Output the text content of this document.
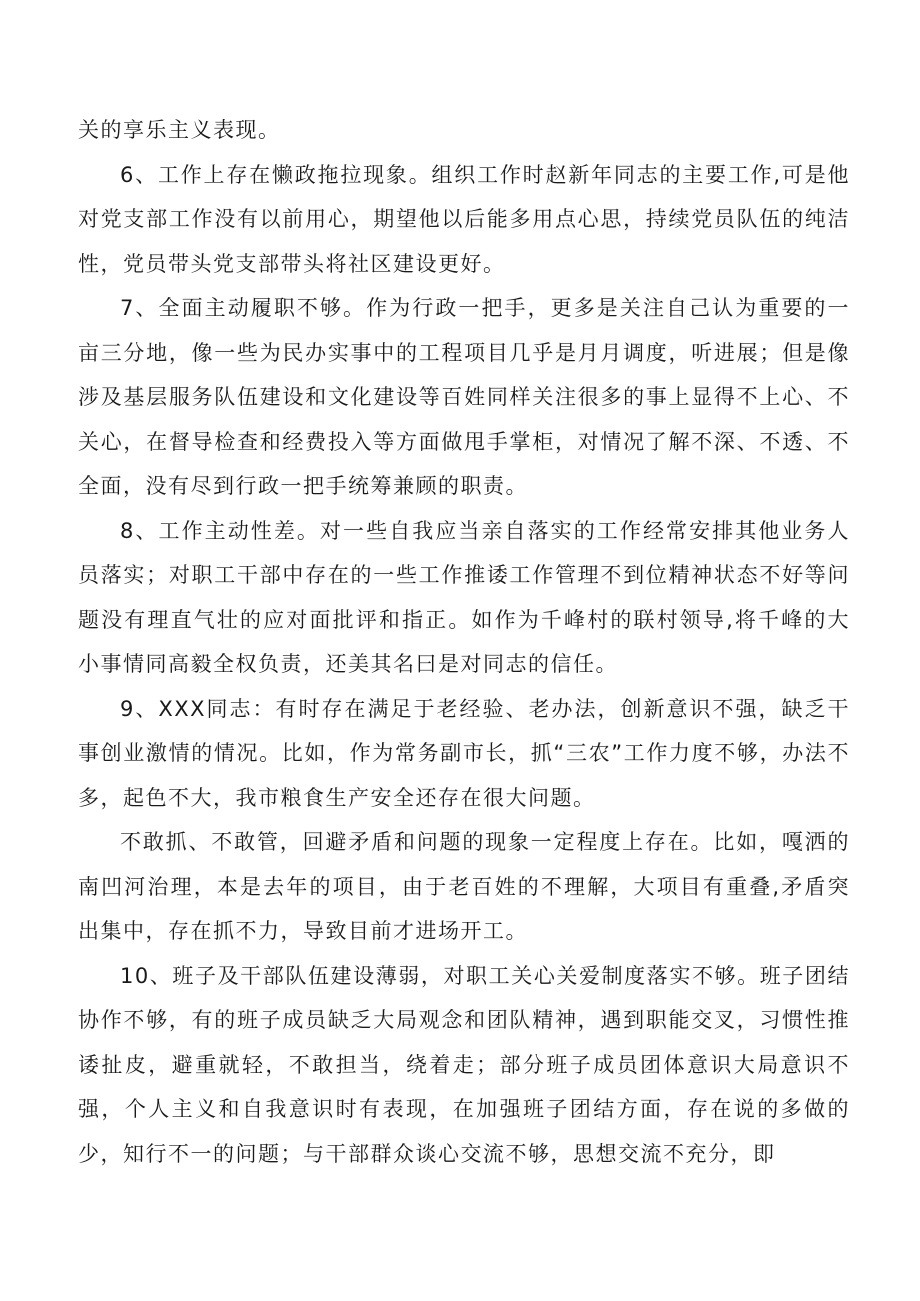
关的享乐主义表现。

6、工作上存在懒政拖拉现象。组织工作时赵新年同志的主要工作,可是他对党支部工作没有以前用心，期望他以后能多用点心思，持续党员队伍的纯洁性，党员带头党支部带头将社区建设更好。

7、全面主动履职不够。作为行政一把手，更多是关注自己认为重要的一亩三分地，像一些为民办实事中的工程项目几乎是月月调度，听进展；但是像涉及基层服务队伍建设和文化建设等百姓同样关注很多的事上显得不上心、不关心，在督导检查和经费投入等方面做甩手掌柜，对情况了解不深、不透、不全面，没有尽到行政一把手统筹兼顾的职责。

8、工作主动性差。对一些自我应当亲自落实的工作经常安排其他业务人员落实；对职工干部中存在的一些工作推诿工作管理不到位精神状态不好等问题没有理直气壮的应对面批评和指正。如作为千峰村的联村领导,将千峰的大小事情同高毅全权负责，还美其名曰是对同志的信任。

9、XXX同志：有时存在满足于老经验、老办法，创新意识不强，缺乏干事创业激情的情况。比如，作为常务副市长，抓“三农”工作力度不够，办法不多，起色不大，我市粮食生产安全还存在很大问题。

不敢抓、不敢管，回避矛盾和问题的现象一定程度上存在。比如，嘎洒的南凹河治理，本是去年的项目，由于老百姓的不理解，大项目有重叠,矛盾突出集中，存在抓不力，导致目前才进场开工。

10、班子及干部队伍建设薄弱，对职工关心关爱制度落实不够。班子团结协作不够，有的班子成员缺乏大局观念和团队精神，遇到职能交叉，习惯性推诿扯皮，避重就轻，不敢担当，绕着走；部分班子成员团体意识大局意识不强，个人主义和自我意识时有表现，在加强班子团结方面，存在说的多做的少，知行不一的问题；与干部群众谈心交流不够，思想交流不充分，即
